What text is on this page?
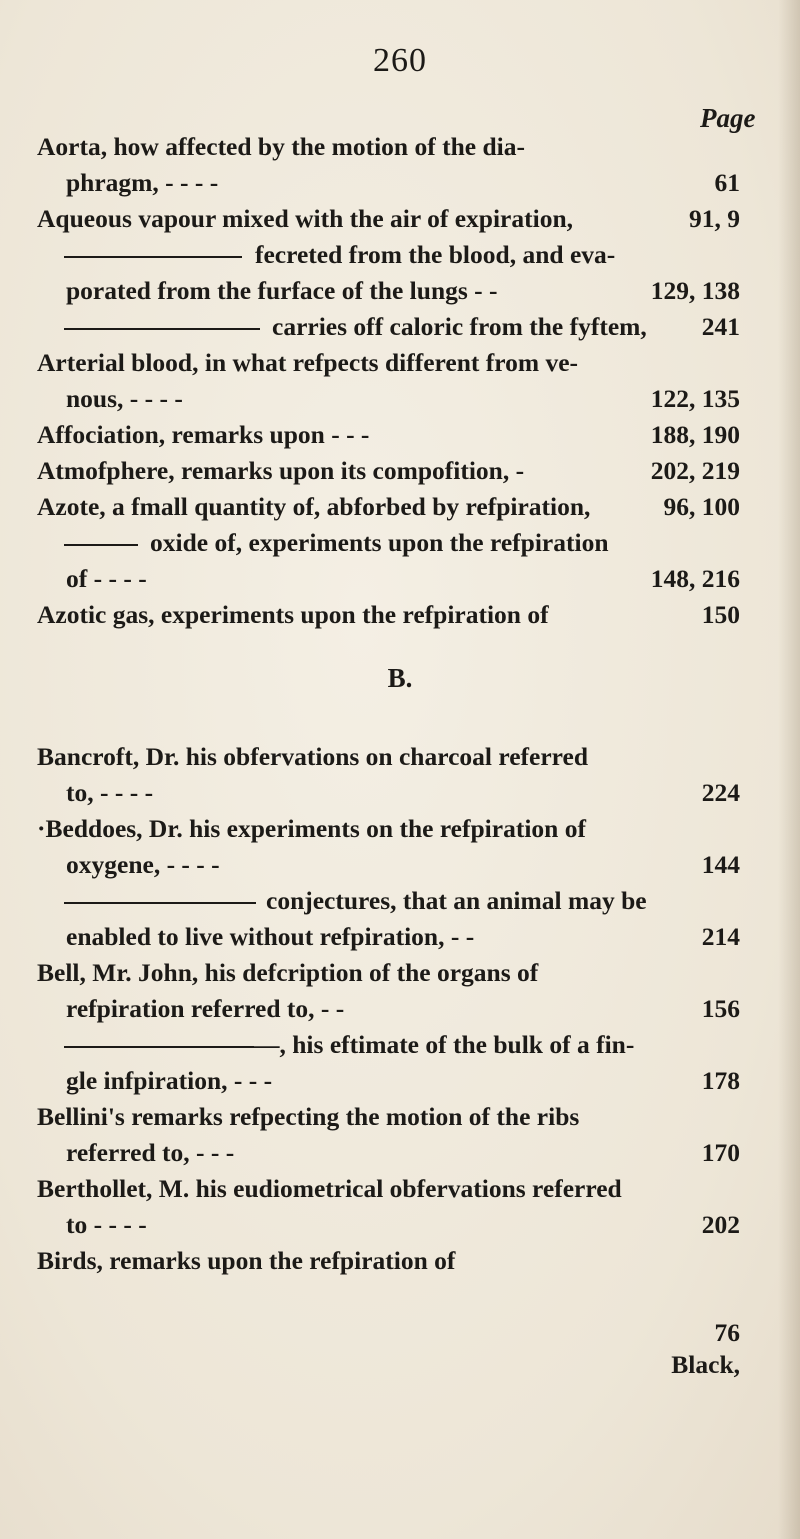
260
Page
Aorta, how affected by the motion of the dia-
phragm, - - - -	61
Aqueous vapour mixed with the air of expiration,	91, 9
fecreted from the blood, and eva-
porated from the furface of the lungs - -	129, 138
carries off caloric from the fyftem, 241
Arterial blood, in what refpects different from ve-
nous, - - - -	122, 135
Affociation, remarks upon - - -	188, 190
Atmofphere, remarks upon its compofition, -	202, 219
Azote, a fmall quantity of, abforbed by refpiration,	96, 100
oxide of, experiments upon the refpiration
of - - - -	148, 216
Azotic gas, experiments upon the refpiration of	150
B.
Bancroft, Dr. his obfervations on charcoal referred
to, - - - -	224
·Beddoes, Dr. his experiments on the refpiration of
oxygene, - - - -	144
conjectures, that an animal may be
enabled to live without refpiration, - -	214
Bell, Mr. John, his defcription of the organs of
refpiration referred to, - -	156
—, his eftimate of the bulk of a fin-
gle infpiration, - - -	178
Bellini's remarks refpecting the motion of the ribs
referred to, - - -	170
Berthollet, M. his eudiometrical obfervations referred
to - - - -	202
Birds, remarks upon the refpiration of
76
Black,
